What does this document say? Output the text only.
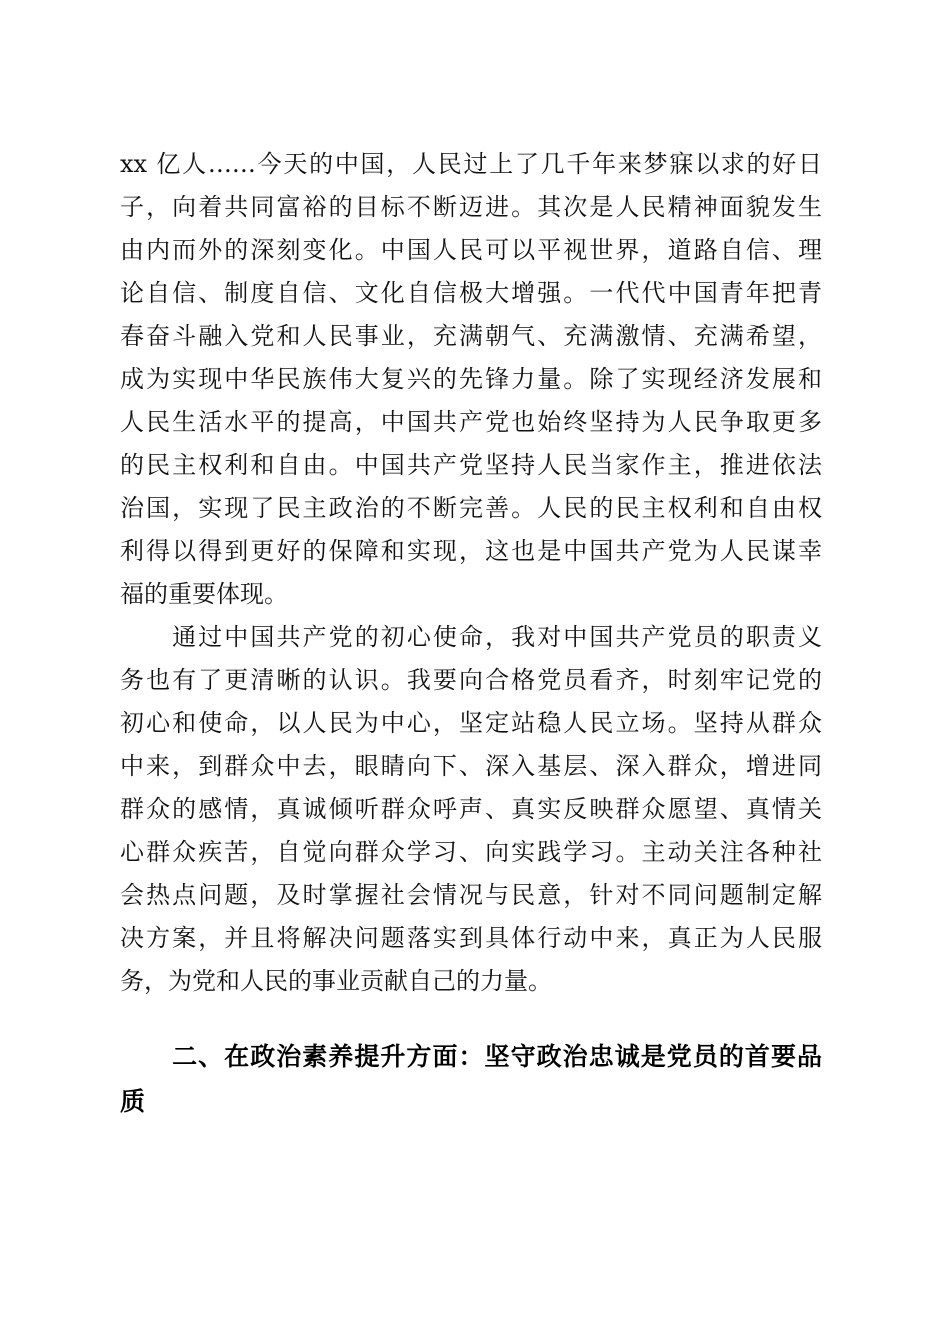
xx 亿人……今天的中国，人民过上了几千年来梦寐以求的好日
子，向着共同富裕的目标不断迈进。其次是人民精神面貌发生
由内而外的深刻变化。中国人民可以平视世界，道路自信、理
论自信、制度自信、文化自信极大增强。一代代中国青年把青
春奋斗融入党和人民事业，充满朝气、充满激情、充满希望，
成为实现中华民族伟大复兴的先锋力量。除了实现经济发展和
人民生活水平的提高，中国共产党也始终坚持为人民争取更多
的民主权利和自由。中国共产党坚持人民当家作主，推进依法
治国，实现了民主政治的不断完善。人民的民主权利和自由权
利得以得到更好的保障和实现，这也是中国共产党为人民谋幸
福的重要体现。
　　通过中国共产党的初心使命，我对中国共产党员的职责义
务也有了更清晰的认识。我要向合格党员看齐，时刻牢记党的
初心和使命，以人民为中心，坚定站稳人民立场。坚持从群众
中来，到群众中去，眼睛向下、深入基层、深入群众，增进同
群众的感情，真诚倾听群众呼声、真实反映群众愿望、真情关
心群众疾苦，自觉向群众学习、向实践学习。主动关注各种社
会热点问题，及时掌握社会情况与民意，针对不同问题制定解
决方案，并且将解决问题落实到具体行动中来，真正为人民服
务，为党和人民的事业贡献自己的力量。
　　二、在政治素养提升方面：坚守政治忠诚是党员的首要品
质
